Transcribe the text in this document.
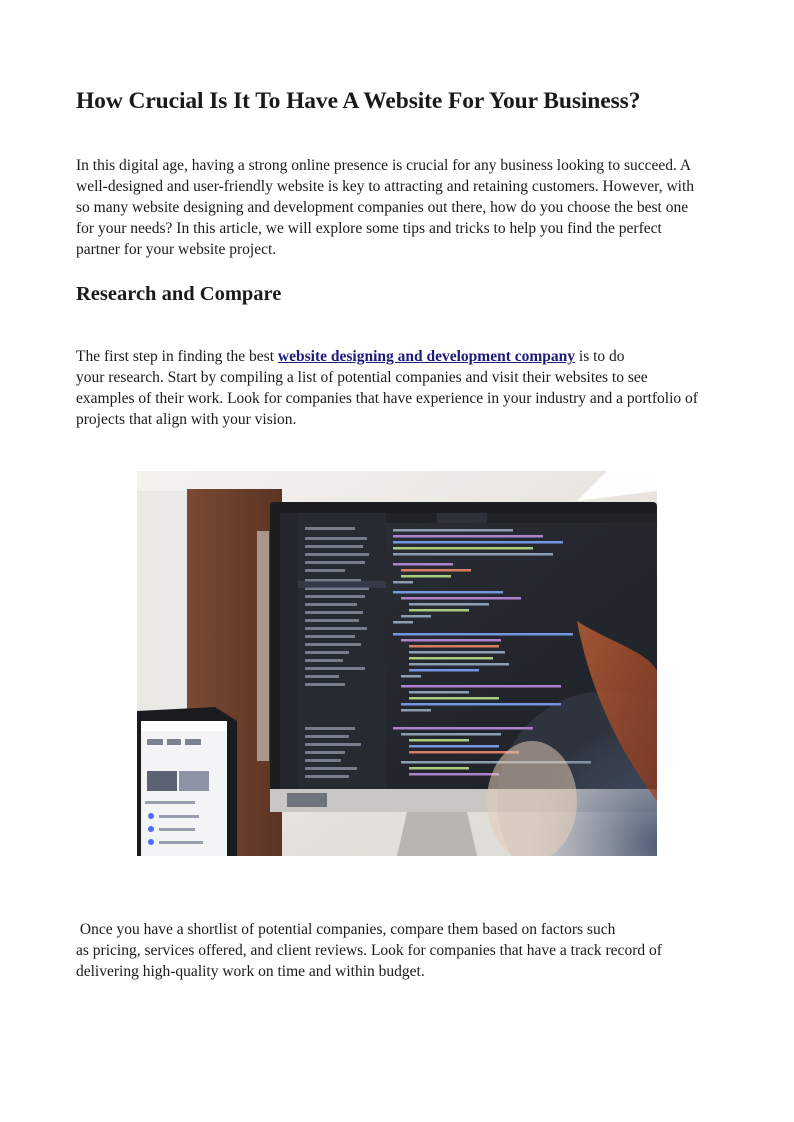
How Crucial Is It To Have A Website For Your Business?

In this digital age, having a strong online presence is crucial for any business looking to succeed. A
well-designed and user-friendly website is key to attracting and retaining customers. However, with
so many website designing and development companies out there, how do you choose the best one
for your needs? In this article, we will explore some tips and tricks to help you find the perfect
partner for your website project.

Research and Compare

The first step in finding the best website designing and development company is to do
your research. Start by compiling a list of potential companies and visit their websites to see
examples of their work. Look for companies that have experience in your industry and a portfolio of
projects that align with your vision.

Once you have a shortlist of potential companies, compare them based on factors such
as pricing, services offered, and client reviews. Look for companies that have a track record of
delivering high-quality work on time and within budget.
